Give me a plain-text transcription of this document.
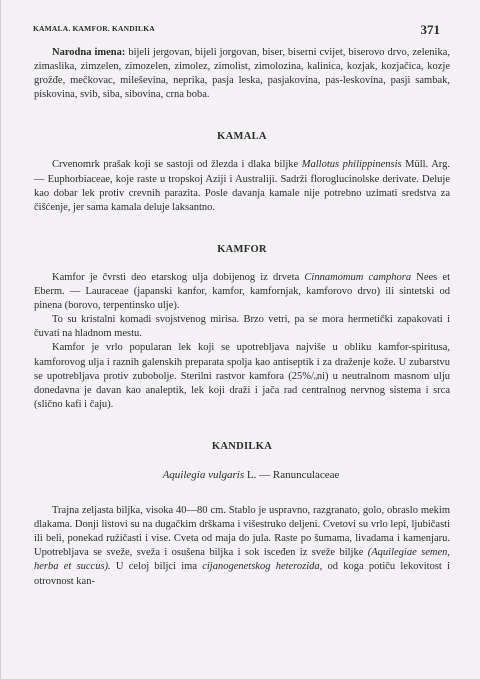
KAMALA. KAMFOR. KANDILKA	371

Narodna imena: bijeli jergovan, bijeli jorgovan, biser, biserni cvijet, biserovo drvo, zelenika, zimaslika, zimzelen, zimozelen, zimolez, zimolist, zimolozina, kalinica, kozjak, kozjačica, kozje grožđe, mečkovac, mileševina, neprika, pasja leska, pasjakovina, pas-leskovina, pasji sambak, piskovina, svib, siba, sibovina, crna boba.

KAMALA

Crvenomrk prašak koji se sastoji od žlezda i dlaka biljke Mallotus philippinensis Müll. Arg. — Euphorbiaceae, koje raste u tropskoj Aziji i Australiji. Sadrži floroglucinolske derivate. Deluje kao dobar lek protiv crevnih parazita. Posle davanja kamale nije potrebno uzimati sredstva za čišćenje, jer sama kamala deluje laksantno.

KAMFOR

Kamfor je čvrsti deo etarskog ulja dobijenog iz drveta Cinnamomum camphora Nees et Eberm. — Lauraceae (japanski kanfor, kamfor, kamfornjak, kamforovo drvo) ili sintetski od pinena (borovo, terpentinsko ulje).

To su kristalni komadi svojstvenog mirisa. Brzo vetri, pa se mora hermetički zapakovati i čuvati na hladnom mestu.

Kamfor je vrlo popularan lek koji se upotrebljava najviše u obliku kamfor-spiritusa, kamforovog ulja i raznih galenskih preparata spolja kao antiseptik i za draženje kože. U zubarstvu se upotrebljava protiv zubobolje. Sterilni rastvor kamfora (25%/ₒni) u neutralnom masnom ulju donedavna je davan kao analeptik, lek koji draži i jača rad centralnog nervnog sistema i srca (slično kafi i čaju).

KANDILKA

Aquilegia vulgaris L. — Ranunculaceae

Trajna zeljasta biljka, visoka 40—80 cm. Stablo je uspravno, razgranato, golo, obraslo mekim dlakama. Donji listovi su na dugačkim drškama i višestruko deljeni. Cvetovi su vrlo lepi, ljubičasti ili beli, ponekad ružičasti i vise. Cveta od maja do jula. Raste po šumama, livadama i kamenjaru. Upotrebljava se sveže, sveža i osušena biljka i sok isceđen iz sveže biljke (Aquilegiae semen, herba et succus). U celoj biljci ima cijanogenetskog heterozida, od koga potiču lekovitost i otrovnost kan-
